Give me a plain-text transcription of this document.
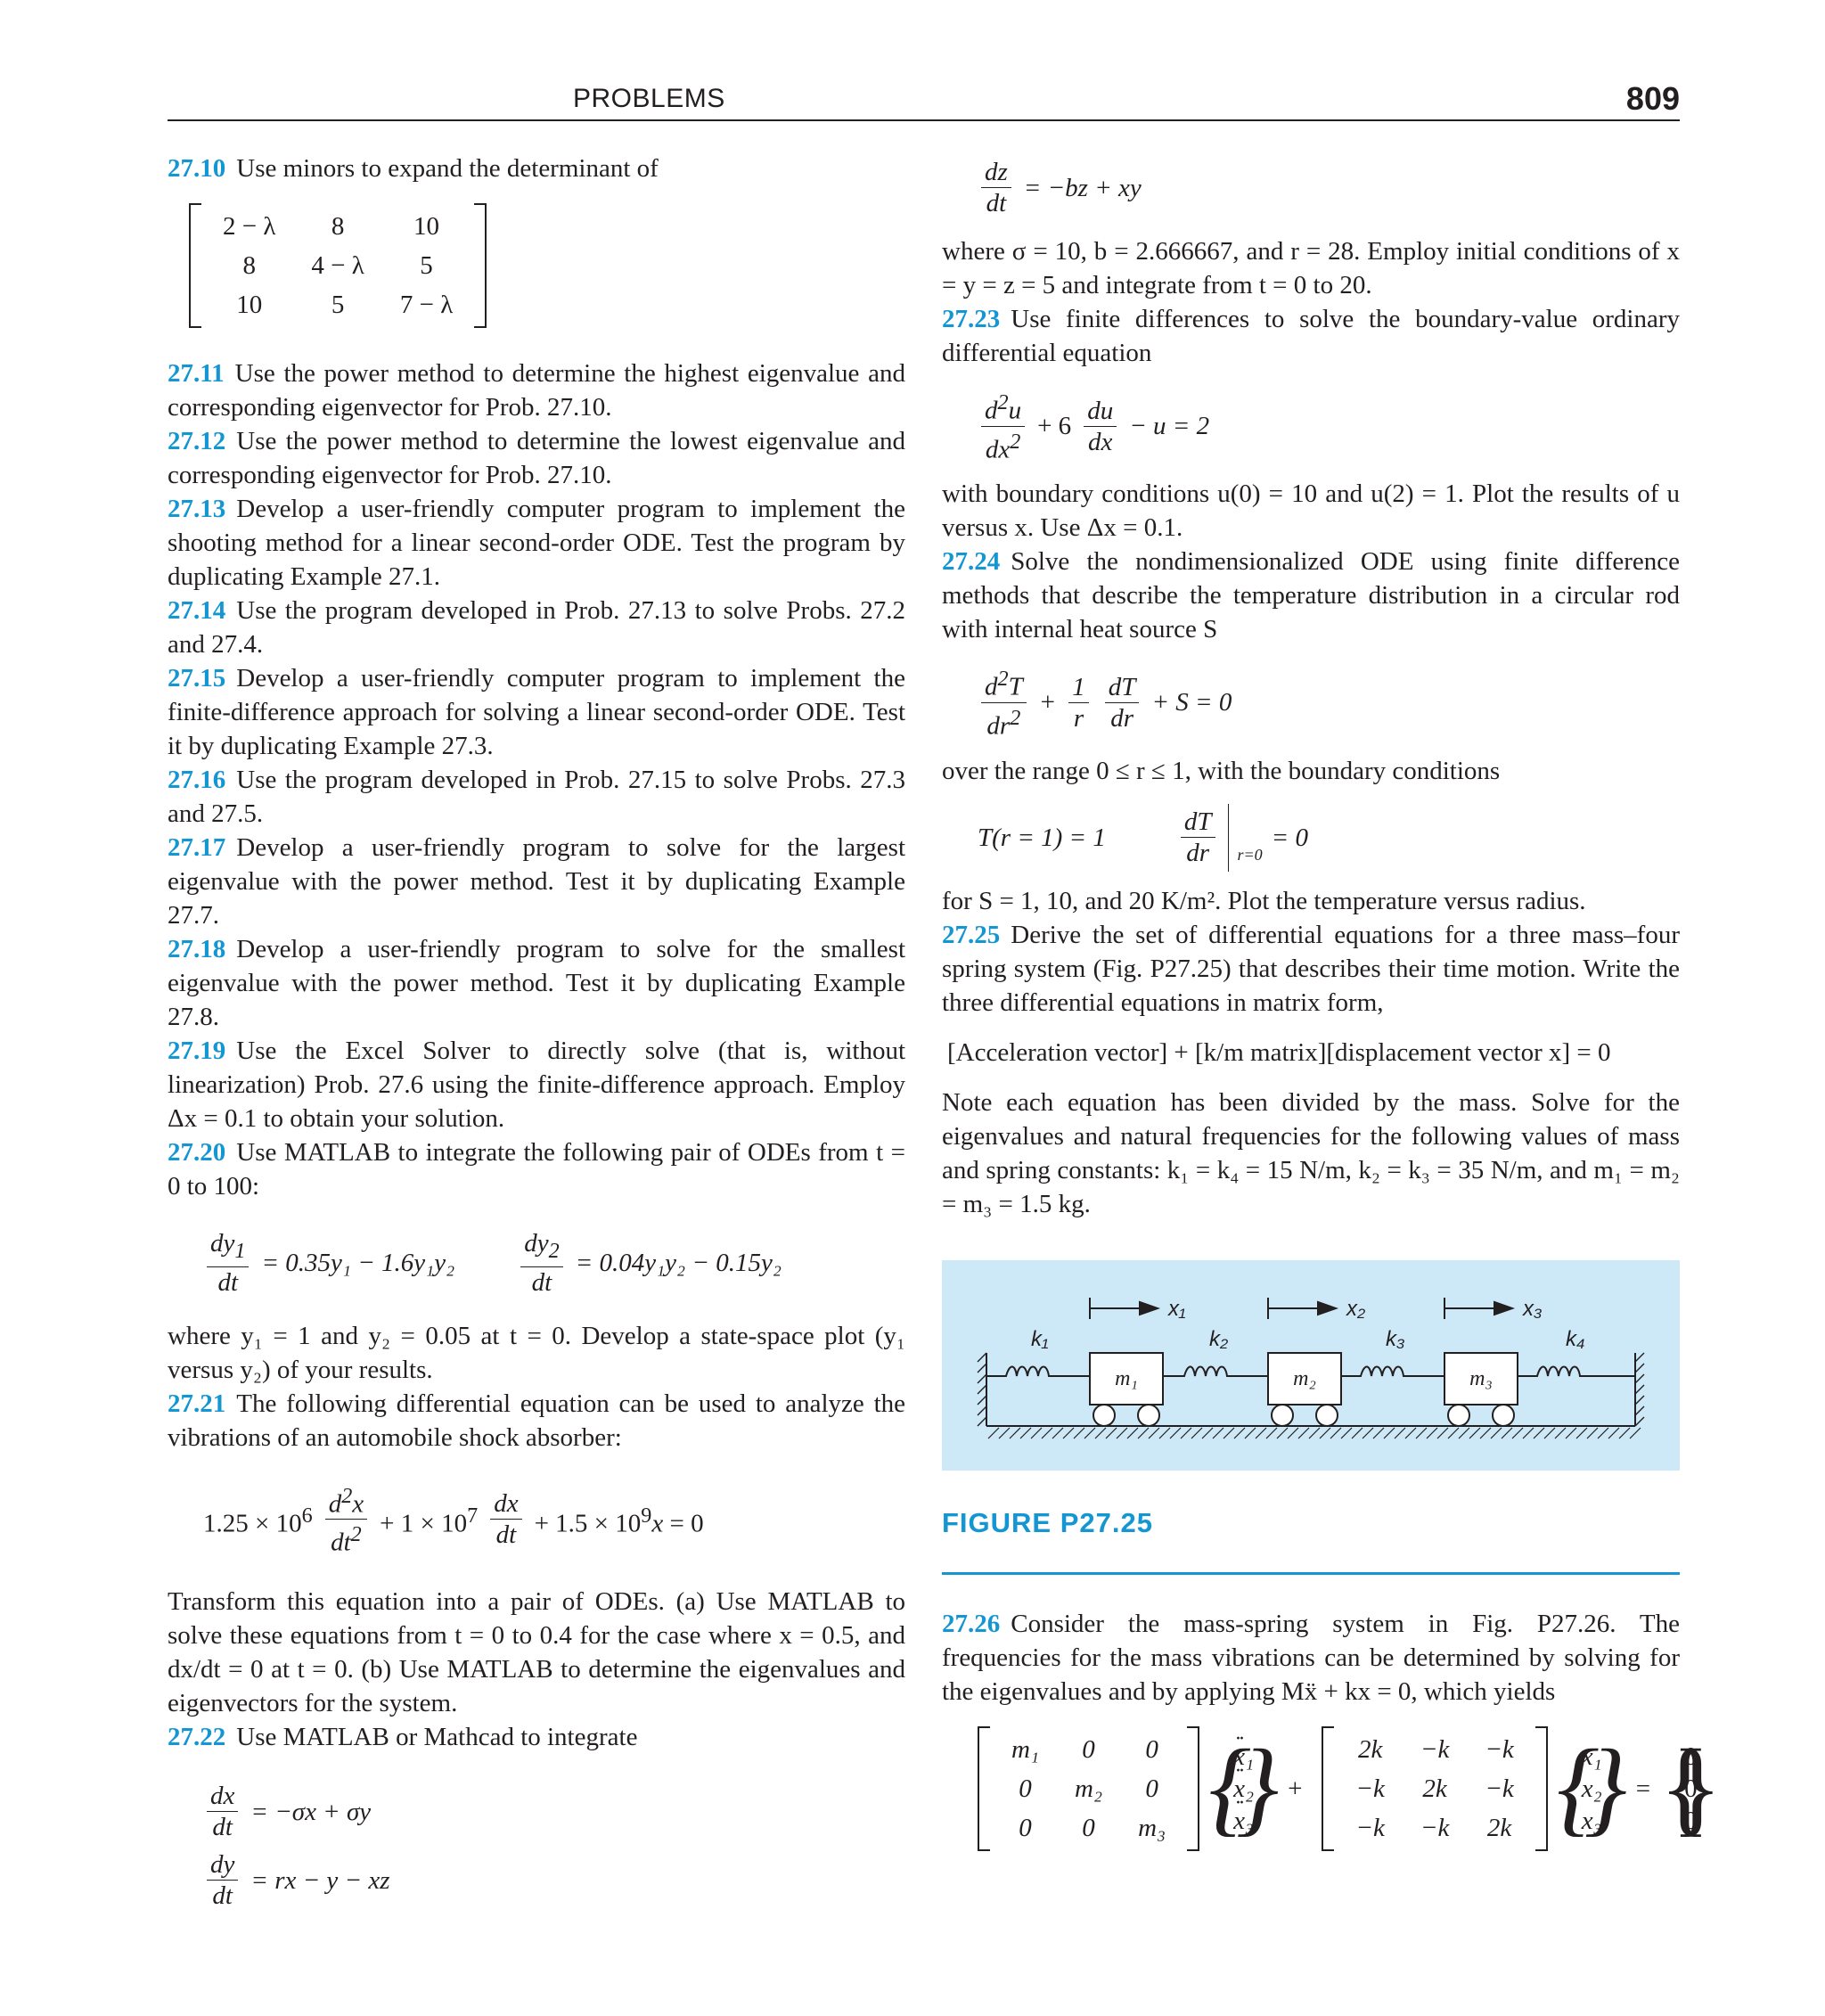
PROBLEMS	809

27.10 Use minors to expand the determinant of

2 − λ	8	10
8	4 − λ	5
10	5	7 − λ

27.11 Use the power method to determine the highest eigenvalue and corresponding eigenvector for Prob. 27.10.

27.12 Use the power method to determine the lowest eigenvalue and corresponding eigenvector for Prob. 27.10.

27.13 Develop a user-friendly computer program to implement the shooting method for a linear second-order ODE. Test the program by duplicating Example 27.1.

27.14 Use the program developed in Prob. 27.13 to solve Probs. 27.2 and 27.4.

27.15 Develop a user-friendly computer program to implement the finite-difference approach for solving a linear second-order ODE. Test it by duplicating Example 27.3.

27.16 Use the program developed in Prob. 27.15 to solve Probs. 27.3 and 27.5.

27.17 Develop a user-friendly program to solve for the largest eigenvalue with the power method. Test it by duplicating Example 27.7.

27.18 Develop a user-friendly program to solve for the smallest eigenvalue with the power method. Test it by duplicating Example 27.8.

27.19 Use the Excel Solver to directly solve (that is, without linearization) Prob. 27.6 using the finite-difference approach. Employ Δx = 0.1 to obtain your solution.

27.20 Use MATLAB to integrate the following pair of ODEs from t = 0 to 100:

$\frac{dy_1}{dt} = 0.35y_1 - 1.6y_1y_2$	$\frac{dy_2}{dt} = 0.04y_1y_2 - 0.15y_2$

where y₁ = 1 and y₂ = 0.05 at t = 0. Develop a state-space plot (y₁ versus y₂) of your results.

27.21 The following differential equation can be used to analyze the vibrations of an automobile shock absorber:

$1.25 \times 10^6 \frac{d^2x}{dt^2} + 1 \times 10^7 \frac{dx}{dt} + 1.5 \times 10^9x = 0$

Transform this equation into a pair of ODEs. (a) Use MATLAB to solve these equations from t = 0 to 0.4 for the case where x = 0.5, and dx/dt = 0 at t = 0. (b) Use MATLAB to determine the eigenvalues and eigenvectors for the system.

27.22 Use MATLAB or Mathcad to integrate

$\frac{dx}{dt} = -\sigma x + \sigma y$
$\frac{dy}{dt}$ = rx − y − xz
$\frac{dz}{dt} = -bz$ + xy

where σ = 10, b = 2.666667, and r = 28. Employ initial conditions of x = y = z = 5 and integrate from t = 0 to 20.

27.23 Use finite differences to solve the boundary-value ordinary differential equation

$\frac{d^2u}{dx^2} + 6 \frac{du}{dx} - u = 2$

with boundary conditions u(0) = 10 and u(2) = 1. Plot the results of u versus x. Use Δx = 0.1.

27.24 Solve the nondimensionalized ODE using finite difference methods that describe the temperature distribution in a circular rod with internal heat source S

$\frac{d^2T}{dr^2} + \frac{1}{r} \frac{dT}{dr} + S = 0$

over the range 0 ≤ r ≤ 1, with the boundary conditions

T(r = 1) = 1	$\frac{dT}{dr} r=0$
= 0

for S = 1, 10, and 20 K/m². Plot the temperature versus radius.

27.25 Derive the set of differential equations for a three mass–four spring system (Fig. P27.25) that describes their time motion. Write the three differential equations in matrix form,

[Acceleration vector] + [k/m matrix][displacement vector x] = 0

Note each equation has been divided by the mass. Solve for the eigenvalues and natural frequencies for the following values of mass and spring constants: k₁ = k₄ = 15 N/m, k₂ = k₃ = 35 N/m, and m₁ = m₂ = m₃ = 1.5 kg.

x₁	x₂	x₃
k₁	k₂	k₃	k₄
m₁	m₂	m₃
FIGURE P27.25

27.26 Consider the mass-spring system in Fig. P27.26. The frequencies for the mass vibrations can be determined by solving for the eigenvalues and by applying Mẍ + kx = 0, which yields

m₁	0	0
0	m₂	0
0	0	m₃
·· { x₁
·· x₂
·· x₃
}
+
2k	−k	−k
−k	2k	−k
−k	−k	2k
{ x₁
x₂
x₃
}
=
{ 0
0
0
}
